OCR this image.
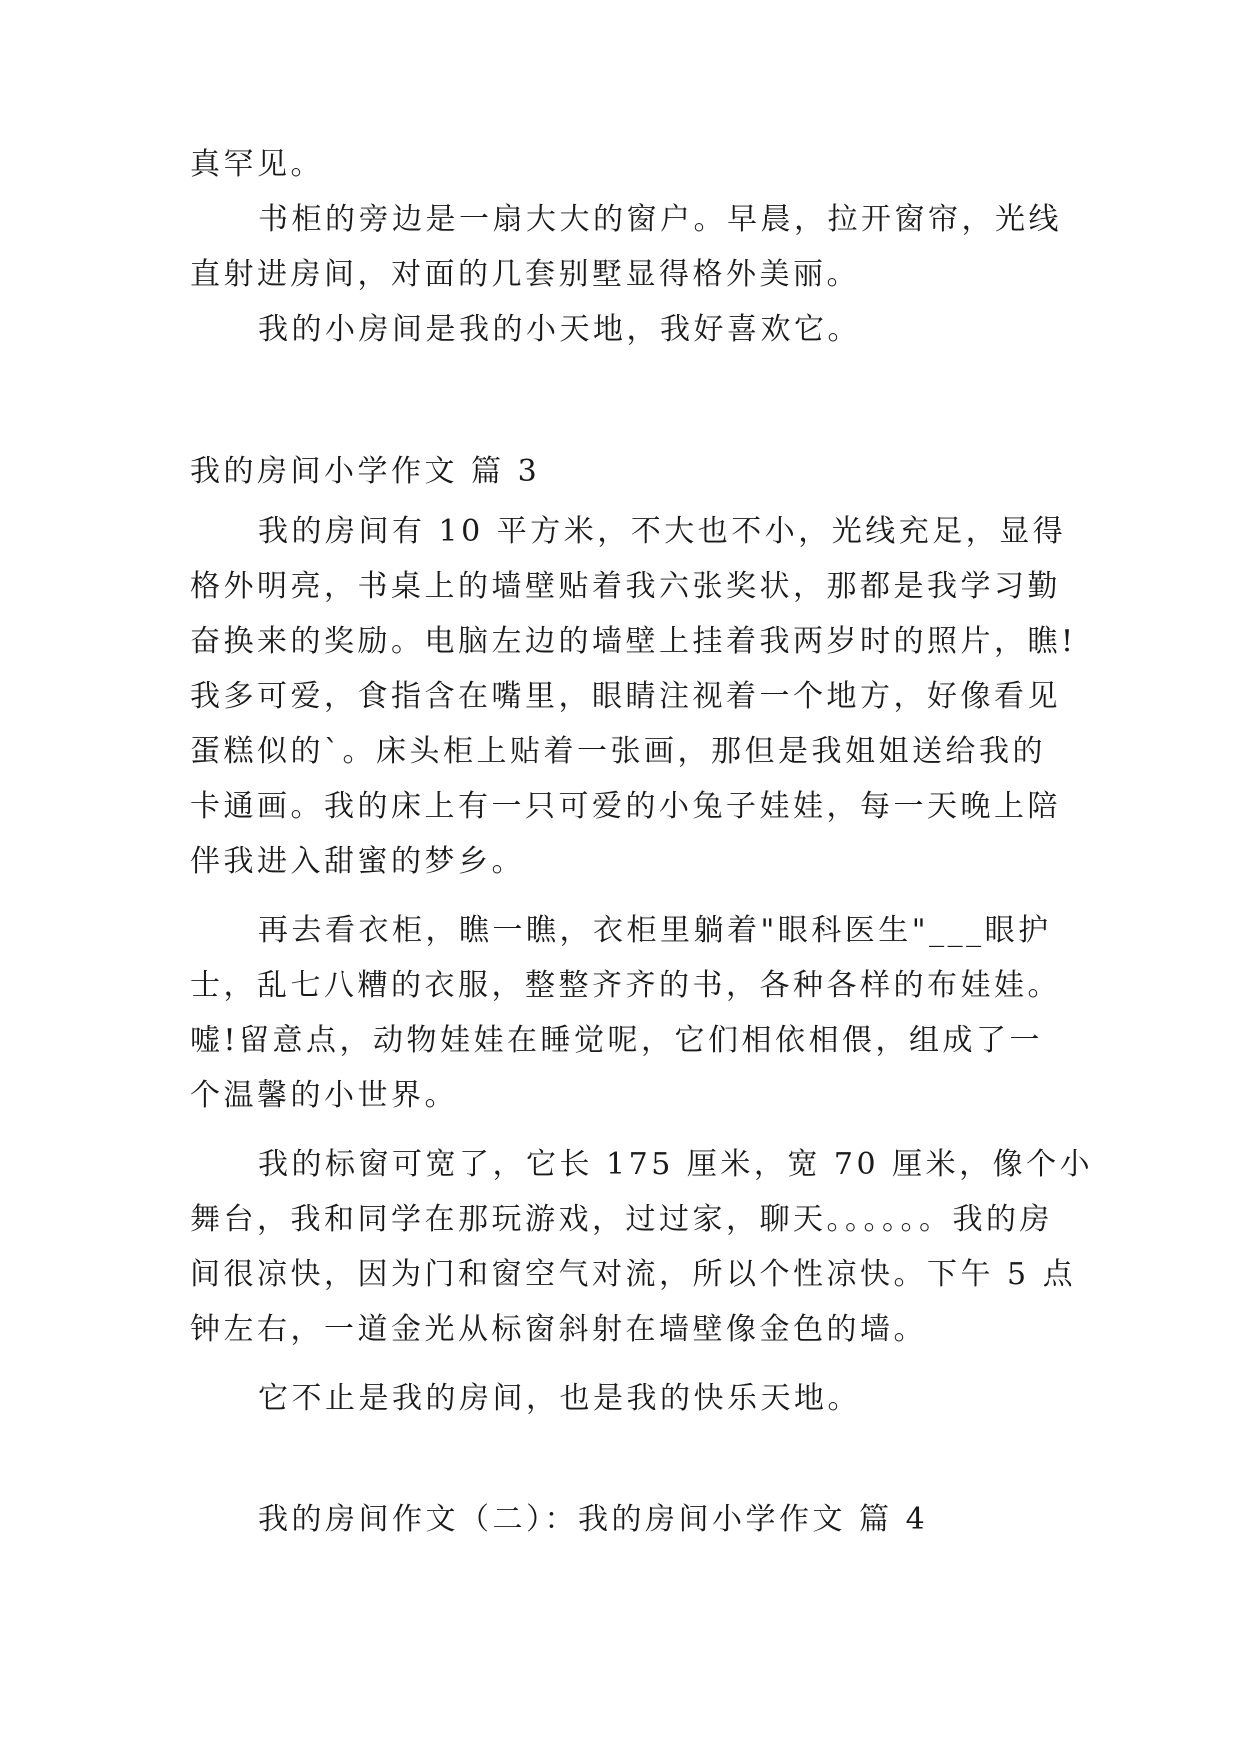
真罕见。
书柜的旁边是一扇大大的窗户。早晨，拉开窗帘，光线
直射进房间，对面的几套别墅显得格外美丽。
我的小房间是我的小天地，我好喜欢它。
我的房间小学作文 篇 3
我的房间有 10 平方米，不大也不小，光线充足，显得
格外明亮，书桌上的墙壁贴着我六张奖状，那都是我学习勤
奋换来的奖励。电脑左边的墙壁上挂着我两岁时的照片，瞧!
我多可爱，食指含在嘴里，眼睛注视着一个地方，好像看见
蛋糕似的`。床头柜上贴着一张画，那但是我姐姐送给我的
卡通画。我的床上有一只可爱的小兔子娃娃，每一天晚上陪
伴我进入甜蜜的梦乡。
再去看衣柜，瞧一瞧，衣柜里躺着"眼科医生"___眼护
士，乱七八糟的衣服，整整齐齐的书，各种各样的布娃娃。
嘘!留意点，动物娃娃在睡觉呢，它们相依相偎，组成了一
个温馨的小世界。
我的标窗可宽了，它长 175 厘米，宽 70 厘米，像个小
舞台，我和同学在那玩游戏，过过家，聊天。。。。。。我的房
间很凉快，因为门和窗空气对流，所以个性凉快。下午 5 点
钟左右，一道金光从标窗斜射在墙壁像金色的墙。
它不止是我的房间，也是我的快乐天地。
我的房间作文（二）：我的房间小学作文 篇 4
